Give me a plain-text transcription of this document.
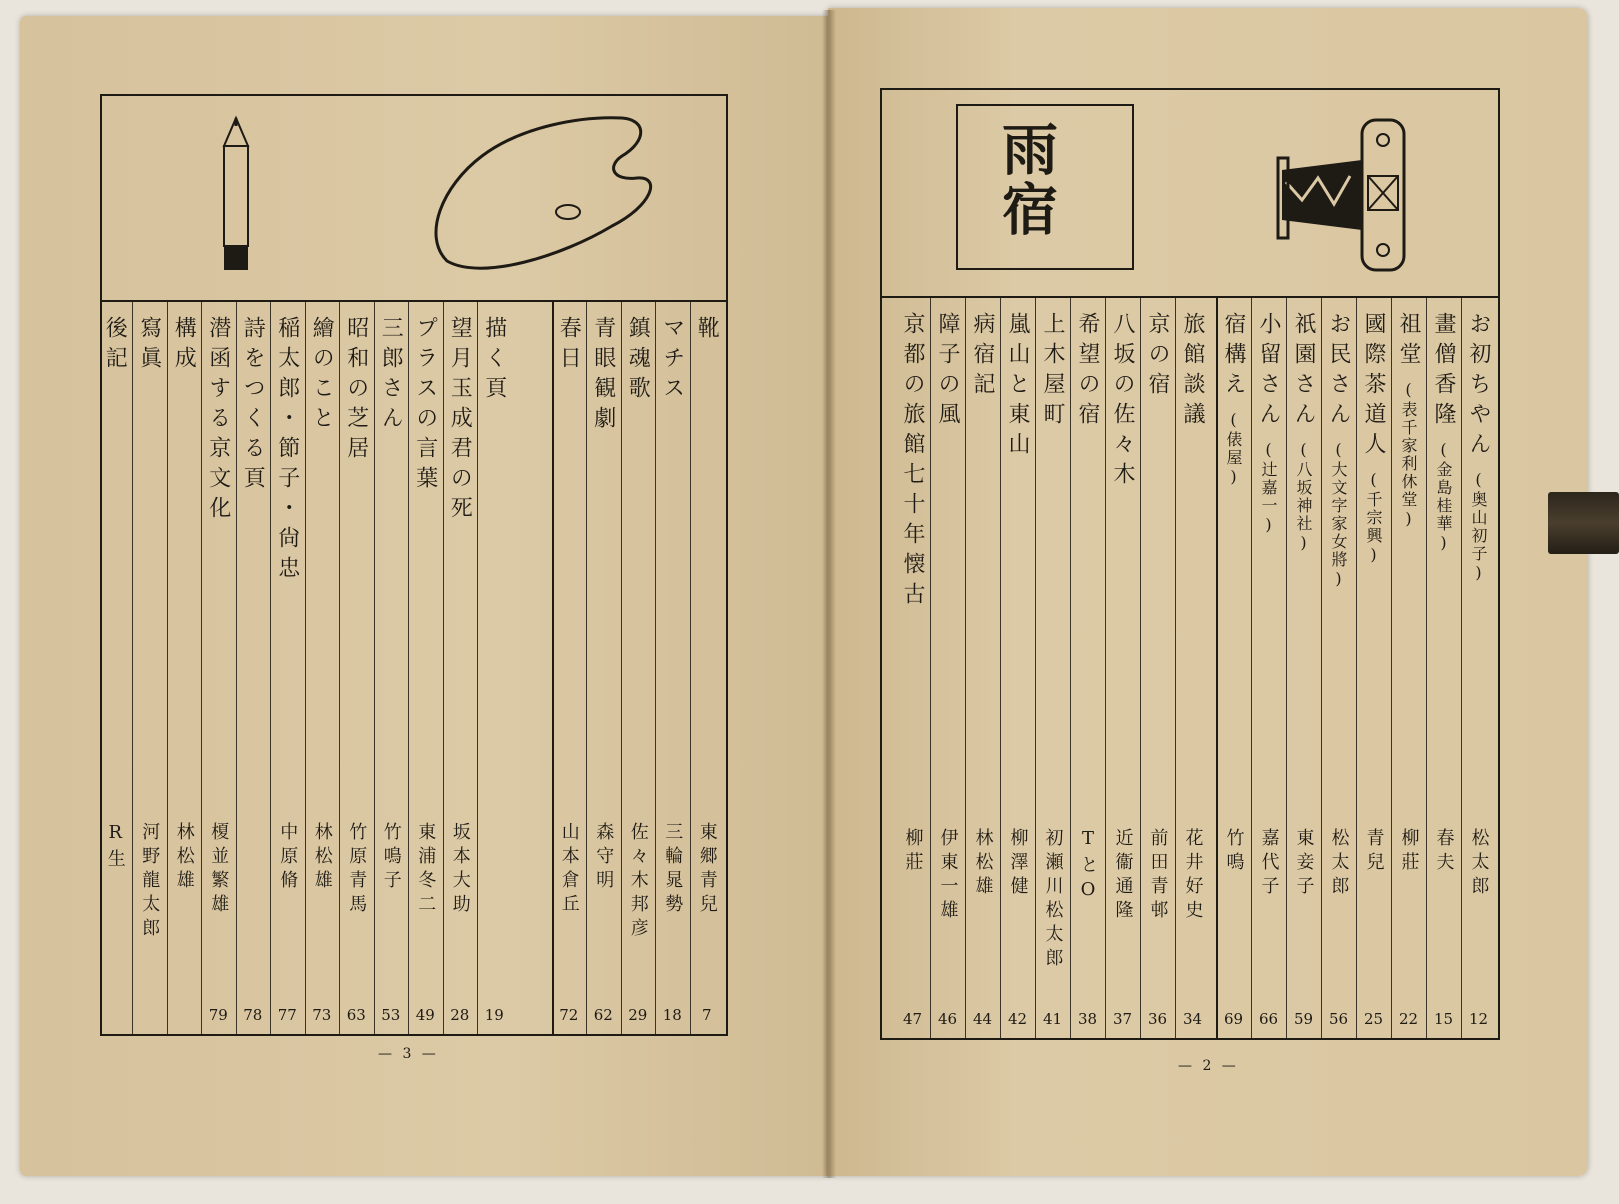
靴
東郷青兒
7
マチス
三輪晁勢
18
鎮魂歌
佐々木邦彦
29
青眼観劇
森守明
62
春日
山本倉丘
72
描く頁
19
望月玉成君の死
坂本大助
28
プラスの言葉
東浦冬二
49
三郎さん
竹鳴子
53
昭和の芝居
竹原青馬
63
繪のこと
林松雄
73
稲太郎・節子・尙忠
中原脩
77
詩をつくる頁
78
潜函する京文化
榎並繁雄
79
構成
林松雄
寫眞
河野龍太郎
後記
R生
— 3 —
雨宿
お初ちやん
(奥山初子)
松太郎
12
畫僧香隆
(金島桂華)
春夫
15
祖堂
(表千家利休堂)
柳莊
22
國際茶道人
(千宗興)
青兒
25
お民さん
(大文字家女將)
松太郎
56
祇園さん
(八坂神社)
東妾子
59
小留さん
(辻嘉一)
嘉代子
66
宿構え
(俵屋)
竹鳴
69
旅館談議
花井好史
34
京の宿
前田青邨
36
八坂の佐々木
近衞通隆
37
希望の宿
TとO
38
上木屋町
初瀬川松太郎
41
嵐山と東山
柳澤健
42
病宿記
林松雄
44
障子の風
伊東一雄
46
京都の旅館七十年懐古
柳莊
47
— 2 —
